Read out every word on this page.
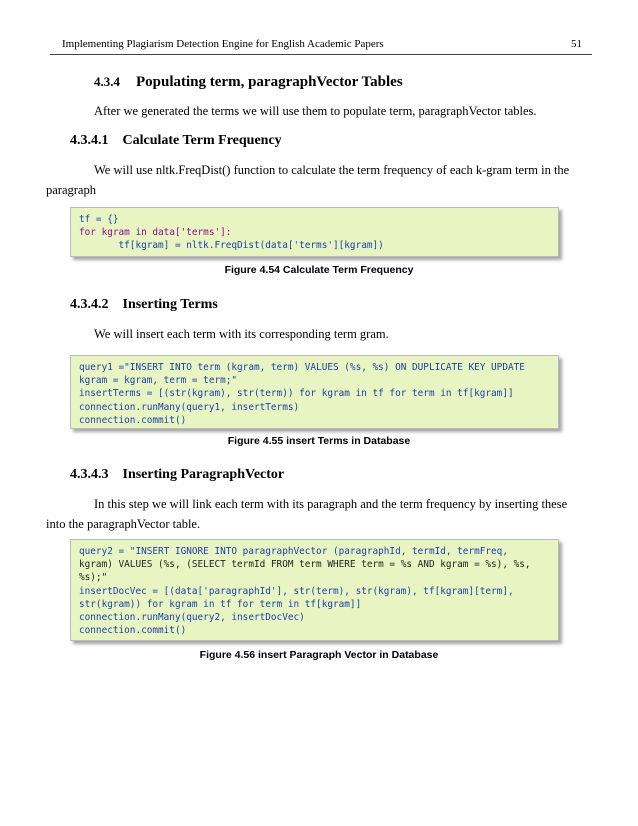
Implementing Plagiarism Detection Engine for English Academic Papers	51
4.3.4 Populating term, paragraphVector Tables
After we generated the terms we will use them to populate term, paragraphVector tables.
4.3.4.1 Calculate Term Frequency
We will use nltk.FreqDist() function to calculate the term frequency of each k-gram term in the
paragraph
tf = {}
for kgram in data['terms']:
tf[kgram] = nltk.FreqDist(data['terms'][kgram])
Figure 4.54 Calculate Term Frequency
4.3.4.2 Inserting Terms
We will insert each term with its corresponding term gram.
query1 ="INSERT INTO term (kgram, term) VALUES (%s, %s) ON DUPLICATE KEY UPDATE
kgram = kgram, term = term;"
insertTerms = [(str(kgram), str(term)) for kgram in tf for term in tf[kgram]]
connection.runMany(query1, insertTerms)
connection.commit()
Figure 4.55 insert Terms in Database
4.3.4.3 Inserting ParagraphVector
In this step we will link each term with its paragraph and the term frequency by inserting these
into the paragraphVector table.
query2 = "INSERT IGNORE INTO paragraphVector (paragraphId, termId, termFreq,
kgram) VALUES (%s, (SELECT termId FROM term WHERE term = %s AND kgram = %s), %s,
%s);"
insertDocVec = [(data['paragraphId'], str(term), str(kgram), tf[kgram][term],
str(kgram)) for kgram in tf for term in tf[kgram]]
connection.runMany(query2, insertDocVec)
connection.commit()
Figure 4.56 insert Paragraph Vector in Database
